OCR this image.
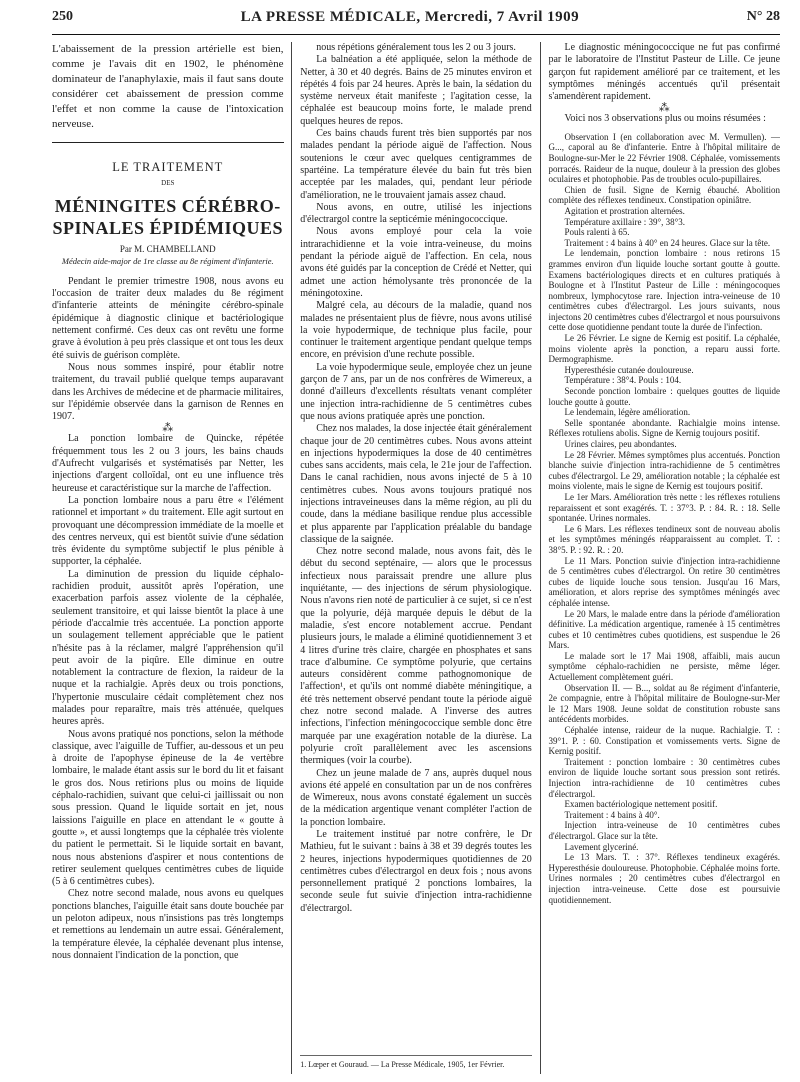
250	LA PRESSE MÉDICALE, Mercredi, 7 Avril 1909	N° 28

L'abaissement de la pression artérielle est bien, comme je l'avais dit en 1902, le phénomène dominateur de l'anaphylaxie, mais il faut sans doute considérer cet abaissement de pression comme l'effet et non comme la cause de l'intoxication nerveuse.

LE TRAITEMENT
DES
MÉNINGITES CÉRÉBRO-SPINALES ÉPIDÉMIQUES
Par M. CHAMBELLAND
Médecin aide-major de 1re classe au 8e régiment d'infanterie.

Pendant le premier trimestre 1908, nous avons eu l'occasion de traiter deux malades du 8e régiment d'infanterie atteints de méningite cérébro-spinale épidémique à diagnostic clinique et bactériologique nettement confirmé. Ces deux cas ont revêtu une forme grave à évolution à peu près classique et ont tous les deux été suivis de guérison complète.

Nous nous sommes inspiré, pour établir notre traitement, du travail publié quelque temps auparavant dans les Archives de médecine et de pharmacie militaires, sur l'épidémie observée dans la garnison de Rennes en 1907.

⁂

La ponction lombaire de Quincke, répétée fréquemment tous les 2 ou 3 jours, les bains chauds d'Aufrecht vulgarisés et systématisés par Netter, les injections d'argent colloïdal, ont eu une influence très heureuse et caractéristique sur la marche de l'affection.

La ponction lombaire nous a paru être « l'élément rationnel et important » du traitement. Elle agit surtout en provoquant une décompression immédiate de la moelle et des centres nerveux, qui est bientôt suivie d'une sédation très évidente du symptôme subjectif le plus pénible à supporter, la céphalée.

La diminution de pression du liquide céphalo-rachidien produit, aussitôt après l'opération, une exacerbation parfois assez violente de la céphalée, seulement transitoire, et qui laisse bientôt la place à une période d'accalmie très accentuée. La ponction apporte un soulagement tellement appréciable que le patient n'hésite pas à la réclamer, malgré l'appréhension qu'il peut avoir de la piqûre. Elle diminue en outre notablement la contracture de flexion, la raideur de la nuque et la rachialgie. Après deux ou trois ponctions, l'hypertonie musculaire cédait complètement chez nos malades pour reparaître, mais très atténuée, quelques heures après.

Nous avons pratiqué nos ponctions, selon la méthode classique, avec l'aiguille de Tuffier, au-dessous et un peu à droite de l'apophyse épineuse de la 4e vertèbre lombaire, le malade étant assis sur le bord du lit et faisant le gros dos. Nous retirions plus ou moins de liquide céphalo-rachidien, suivant que celui-ci jaillissait ou non sous pression. Quand le liquide sortait en jet, nous laissions l'aiguille en place en attendant le « goutte à goutte », et aussi longtemps que la céphalée très violente du patient le permettait. Si le liquide sortait en bavant, nous nous abstenions d'aspirer et nous contentions de retirer seulement quelques centimètres cubes de liquide (5 à 6 centimètres cubes).

Chez notre second malade, nous avons eu quelques ponctions blanches, l'aiguille était sans doute bouchée par un peloton adipeux, nous n'insistions pas très longtemps et remettions au lendemain un autre essai. Généralement, la température élevée, la céphalée devenant plus intense, nous donnaient l'indication de la ponction, que

nous répétions généralement tous les 2 ou 3 jours.

La balnéation a été appliquée, selon la méthode de Netter, à 30 et 40 degrés. Bains de 25 minutes environ et répétés 4 fois par 24 heures. Après le bain, la sédation du système nerveux était manifeste ; l'agitation cesse, la céphalée est beaucoup moins forte, le malade prend quelques heures de repos.

Ces bains chauds furent très bien supportés par nos malades pendant la période aiguë de l'affection. Nous soutenions le cœur avec quelques centigrammes de spartéine. La température élevée du bain fut très bien acceptée par les malades, qui, pendant leur période d'amélioration, ne le trouvaient jamais assez chaud.

Nous avons, en outre, utilisé les injections d'électrargol contre la septicémie méningococcique.

Nous avons employé pour cela la voie intrarachidienne et la voie intra-veineuse, du moins pendant la période aiguë de l'affection. En cela, nous avons été guidés par la conception de Crédé et Netter, qui admet une action hémolysante très prononcée de la méningotoxine.

Malgré cela, au décours de la maladie, quand nos malades ne présentaient plus de fièvre, nous avons utilisé la voie hypodermique, de technique plus facile, pour continuer le traitement argentique pendant quelque temps encore, en prévision d'une rechute possible.

La voie hypodermique seule, employée chez un jeune garçon de 7 ans, par un de nos confrères de Wimereux, a donné d'ailleurs d'excellents résultats venant compléter une injection intra-rachidienne de 5 centimètres cubes que nous avions pratiquée après une ponction.

Chez nos malades, la dose injectée était généralement chaque jour de 20 centimètres cubes. Nous avons atteint en injections hypodermiques la dose de 40 centimètres cubes sans accidents, mais cela, le 21e jour de l'affection. Dans le canal rachidien, nous avons injecté de 5 à 10 centimètres cubes. Nous avons toujours pratiqué nos injections intraveineuses dans la même région, au pli du coude, dans la médiane basilique rendue plus accessible et plus apparente par l'application préalable du bandage classique de la saignée.

Chez notre second malade, nous avons fait, dès le début du second septénaire, — alors que le processus infectieux nous paraissait prendre une allure plus inquiétante, — des injections de sérum physiologique. Nous n'avons rien noté de particulier à ce sujet, si ce n'est que la polyurie, déjà marquée depuis le début de la maladie, s'est encore notablement accrue. Pendant plusieurs jours, le malade a éliminé quotidiennement 3 et 4 litres d'urine très claire, chargée en phosphates et sans trace d'albumine. Ce symptôme polyurie, que certains auteurs considèrent comme pathognomonique de l'affection¹, et qu'ils ont nommé diabète méningitique, a été très nettement observé pendant toute la période aiguë chez notre second malade. A l'inverse des autres infections, l'infection méningococcique semble donc être marquée par une exagération notable de la diurèse. La polyurie croît parallèlement avec les ascensions thermiques (voir la courbe).

Chez un jeune malade de 7 ans, auprès duquel nous avions été appelé en consultation par un de nos confrères de Wimereux, nous avons constaté également un succès de la médication argentique venant compléter l'action de la ponction lombaire.

Le traitement institué par notre confrère, le Dr Mathieu, fut le suivant : bains à 38 et 39 degrés toutes les 2 heures, injections hypodermiques quotidiennes de 20 centimètres cubes d'électrargol en deux fois ; nous avons personnellement pratiqué 2 ponctions lombaires, la seconde seule fut suivie d'injection intra-rachidienne d'électrargol.

1. Lœper et Gouraud. — La Presse Médicale, 1905, 1er Février.

Le diagnostic méningococcique ne fut pas confirmé par le laboratoire de l'Institut Pasteur de Lille. Ce jeune garçon fut rapidement amélioré par ce traitement, et les symptômes méningés accentués qu'il présentait s'amendèrent rapidement.

⁂

Voici nos 3 observations plus ou moins résumées :

Observation I (en collaboration avec M. Vermullen). — G..., caporal au 8e d'infanterie. Entre à l'hôpital militaire de Boulogne-sur-Mer le 22 Février 1908. Céphalée, vomissements porracés. Raideur de la nuque, douleur à la pression des globes oculaires et photophobie. Pas de troubles oculo-pupillaires.

Chien de fusil. Signe de Kernig ébauché. Abolition complète des réflexes tendineux. Constipation opiniâtre.

Agitation et prostration alternées.

Température axillaire : 39°, 38°3.

Pouls ralenti à 65.

Traitement : 4 bains à 40° en 24 heures. Glace sur la tête.

Le lendemain, ponction lombaire : nous retirons 15 grammes environ d'un liquide louche sortant goutte à goutte. Examens bactériologiques directs et en cultures pratiqués à Boulogne et à l'Institut Pasteur de Lille : méningocoques nombreux, lymphocytose rare. Injection intra-veineuse de 10 centimètres cubes d'électrargol. Les jours suivants, nous injectons 20 centimètres cubes d'électrargol et nous poursuivons cette dose quotidienne pendant toute la durée de l'infection.

Le 26 Février. Le signe de Kernig est positif. La céphalée, moins violente après la ponction, a reparu aussi forte. Dermographisme.

Hyperesthésie cutanée douloureuse.

Température : 38°4. Pouls : 104.

Seconde ponction lombaire : quelques gouttes de liquide louche goutte à goutte.

Le lendemain, légère amélioration.

Selle spontanée abondante. Rachialgie moins intense. Réflexes rotuliens abolis. Signe de Kernig toujours positif.

Urines claires, peu abondantes.

Le 28 Février. Mêmes symptômes plus accentués. Ponction blanche suivie d'injection intra-rachidienne de 5 centimètres cubes d'électrargol. Le 29, amélioration notable ; la céphalée est moins violente, mais le signe de Kernig est toujours positif.

Le 1er Mars. Amélioration très nette : les réflexes rotuliens reparaissent et sont exagérés. T. : 37°3. P. : 84. R. : 18. Selle spontanée. Urines normales.

Le 6 Mars. Les réflexes tendineux sont de nouveau abolis et les symptômes méningés réapparaissent au complet. T. : 38°5. P. : 92. R. : 20.

Le 11 Mars. Ponction suivie d'injection intra-rachidienne de 5 centimètres cubes d'électrargol. On retire 30 centimètres cubes de liquide louche sous tension. Jusqu'au 16 Mars, amélioration, et alors reprise des symptômes méningés avec céphalée intense.

Le 20 Mars, le malade entre dans la période d'amélioration définitive. La médication argentique, ramenée à 15 centimètres cubes et 10 centimètres cubes quotidiens, est suspendue le 26 Mars.

Le malade sort le 17 Mai 1908, affaibli, mais aucun symptôme céphalo-rachidien ne persiste, même léger. Actuellement complètement guéri.

Observation II. — B..., soldat au 8e régiment d'infanterie, 2e compagnie, entre à l'hôpital militaire de Boulogne-sur-Mer le 12 Mars 1908. Jeune soldat de constitution robuste sans antécédents morbides.

Céphalée intense, raideur de la nuque. Rachialgie. T. : 39°1. P. : 60. Constipation et vomissements verts. Signe de Kernig positif.

Traitement : ponction lombaire : 30 centimètres cubes environ de liquide louche sortant sous pression sont retirés. Injection intra-rachidienne de 10 centimètres cubes d'électrargol.

Examen bactériologique nettement positif.

Traitement : 4 bains à 40°.

Injection intra-veineuse de 10 centimètres cubes d'électrargol. Glace sur la tête.

Lavement glyceriné.

Le 13 Mars. T. : 37°. Réflexes tendineux exagérés. Hyperesthésie douloureuse. Photophobie. Céphalée moins forte. Urines normales ; 20 centimètres cubes d'électrargol en injection intra-veineuse. Cette dose est poursuivie quotidiennement.
